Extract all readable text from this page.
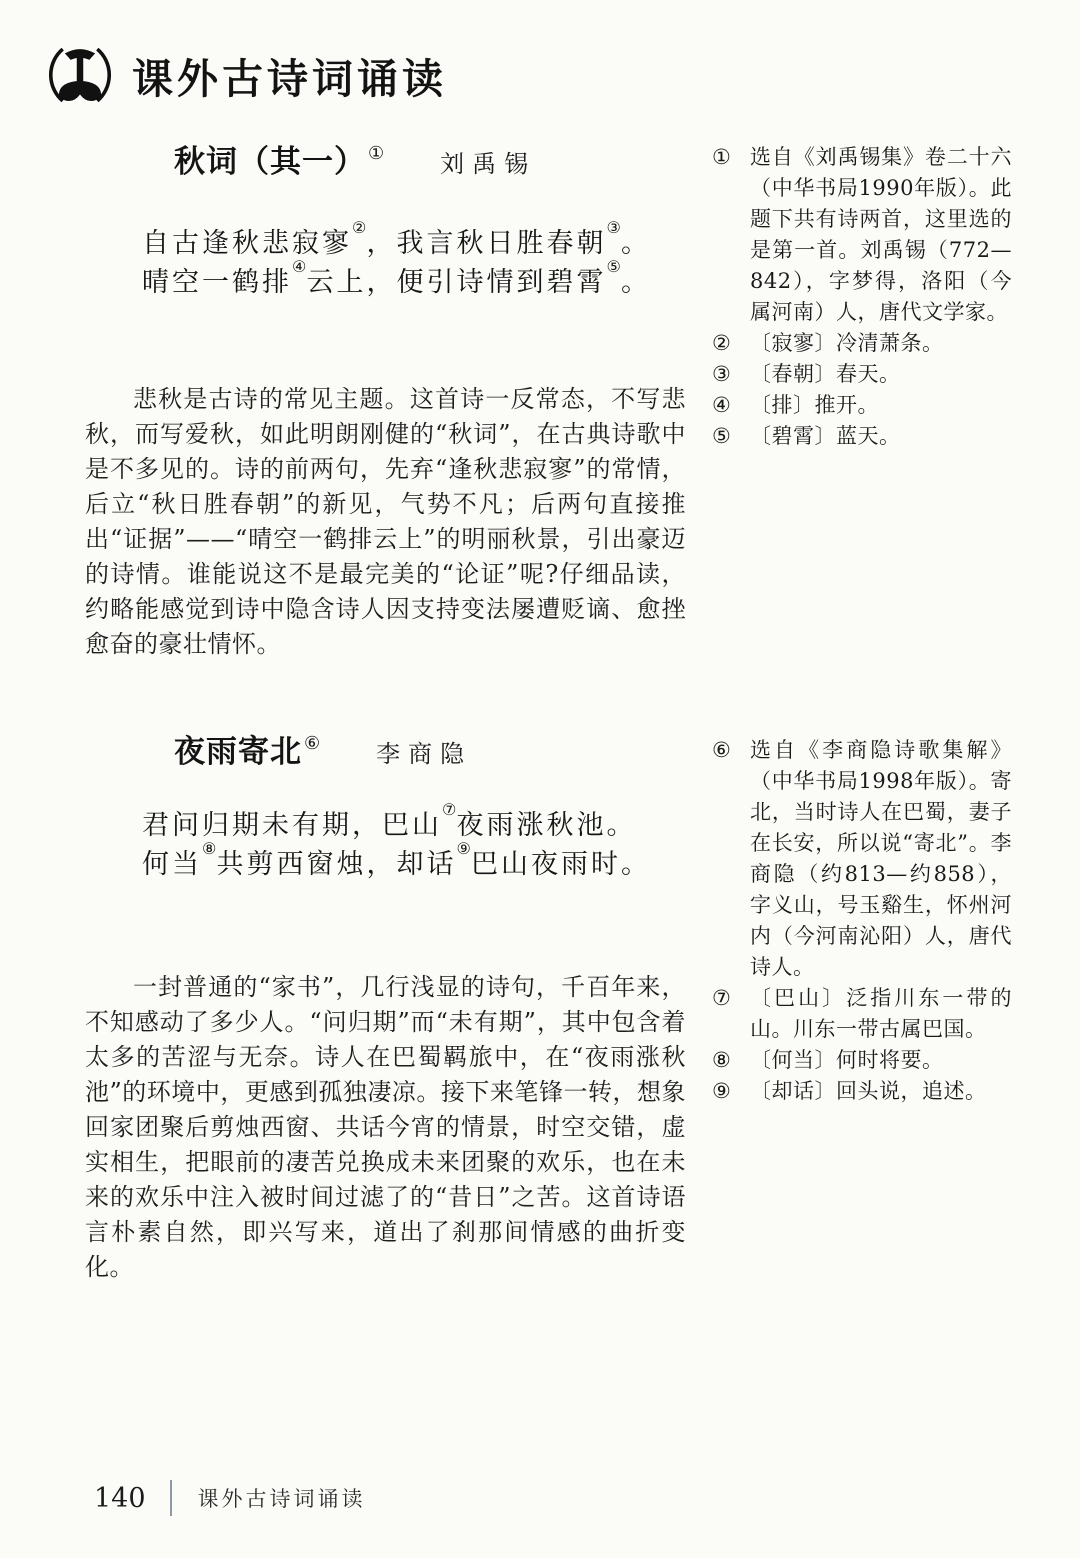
课外古诗词诵读
秋词（其一） ① 刘禹锡
自古逢秋悲寂寥②，我言秋日胜春朝③。
晴空一鹤排④云上，便引诗情到碧霄⑤。
悲秋是古诗的常见主题。这首诗一反常态，不写悲秋，而写爱秋，如此明朗刚健的“秋词”，在古典诗歌中是不多见的。诗的前两句，先弃“逢秋悲寂寥”的常情，后立“秋日胜春朝”的新见，气势不凡；后两句直接推出“证据”——“晴空一鹤排云上”的明丽秋景，引出豪迈的诗情。谁能说这不是最完美的“论证”呢?仔细品读，约略能感觉到诗中隐含诗人因支持变法屡遭贬谪、愈挫愈奋的豪壮情怀。
夜雨寄北 ⑥ 李商隐
君问归期未有期，巴山⑦夜雨涨秋池。
何当⑧共剪西窗烛，却话⑨巴山夜雨时。
一封普通的“家书”，几行浅显的诗句，千百年来，不知感动了多少人。“问归期”而“未有期”，其中包含着太多的苦涩与无奈。诗人在巴蜀羁旅中，在“夜雨涨秋池”的环境中，更感到孤独凄凉。接下来笔锋一转，想象回家团聚后剪烛西窗、共话今宵的情景，时空交错，虚实相生，把眼前的凄苦兑换成未来团聚的欢乐，也在未来的欢乐中注入被时间过滤了的“昔日”之苦。这首诗语言朴素自然，即兴写来，道出了刹那间情感的曲折变化。
① 选自《刘禹锡集》卷二十六（中华书局1990年版）。此题下共有诗两首，这里选的是第一首。刘禹锡（772—842），字梦得，洛阳（今属河南）人，唐代文学家。
② 〔寂寥〕冷清萧条。
③ 〔春朝〕春天。
④ 〔排〕推开。
⑤ 〔碧霄〕蓝天。
⑥ 选自《李商隐诗歌集解》（中华书局1998年版）。寄北，当时诗人在巴蜀，妻子在长安，所以说“寄北”。李商隐（约813—约858），字义山，号玉谿生，怀州河内（今河南沁阳）人，唐代诗人。
⑦ 〔巴山〕泛指川东一带的山。川东一带古属巴国。
⑧ 〔何当〕何时将要。
⑨ 〔却话〕回头说，追述。
140 课外古诗词诵读
